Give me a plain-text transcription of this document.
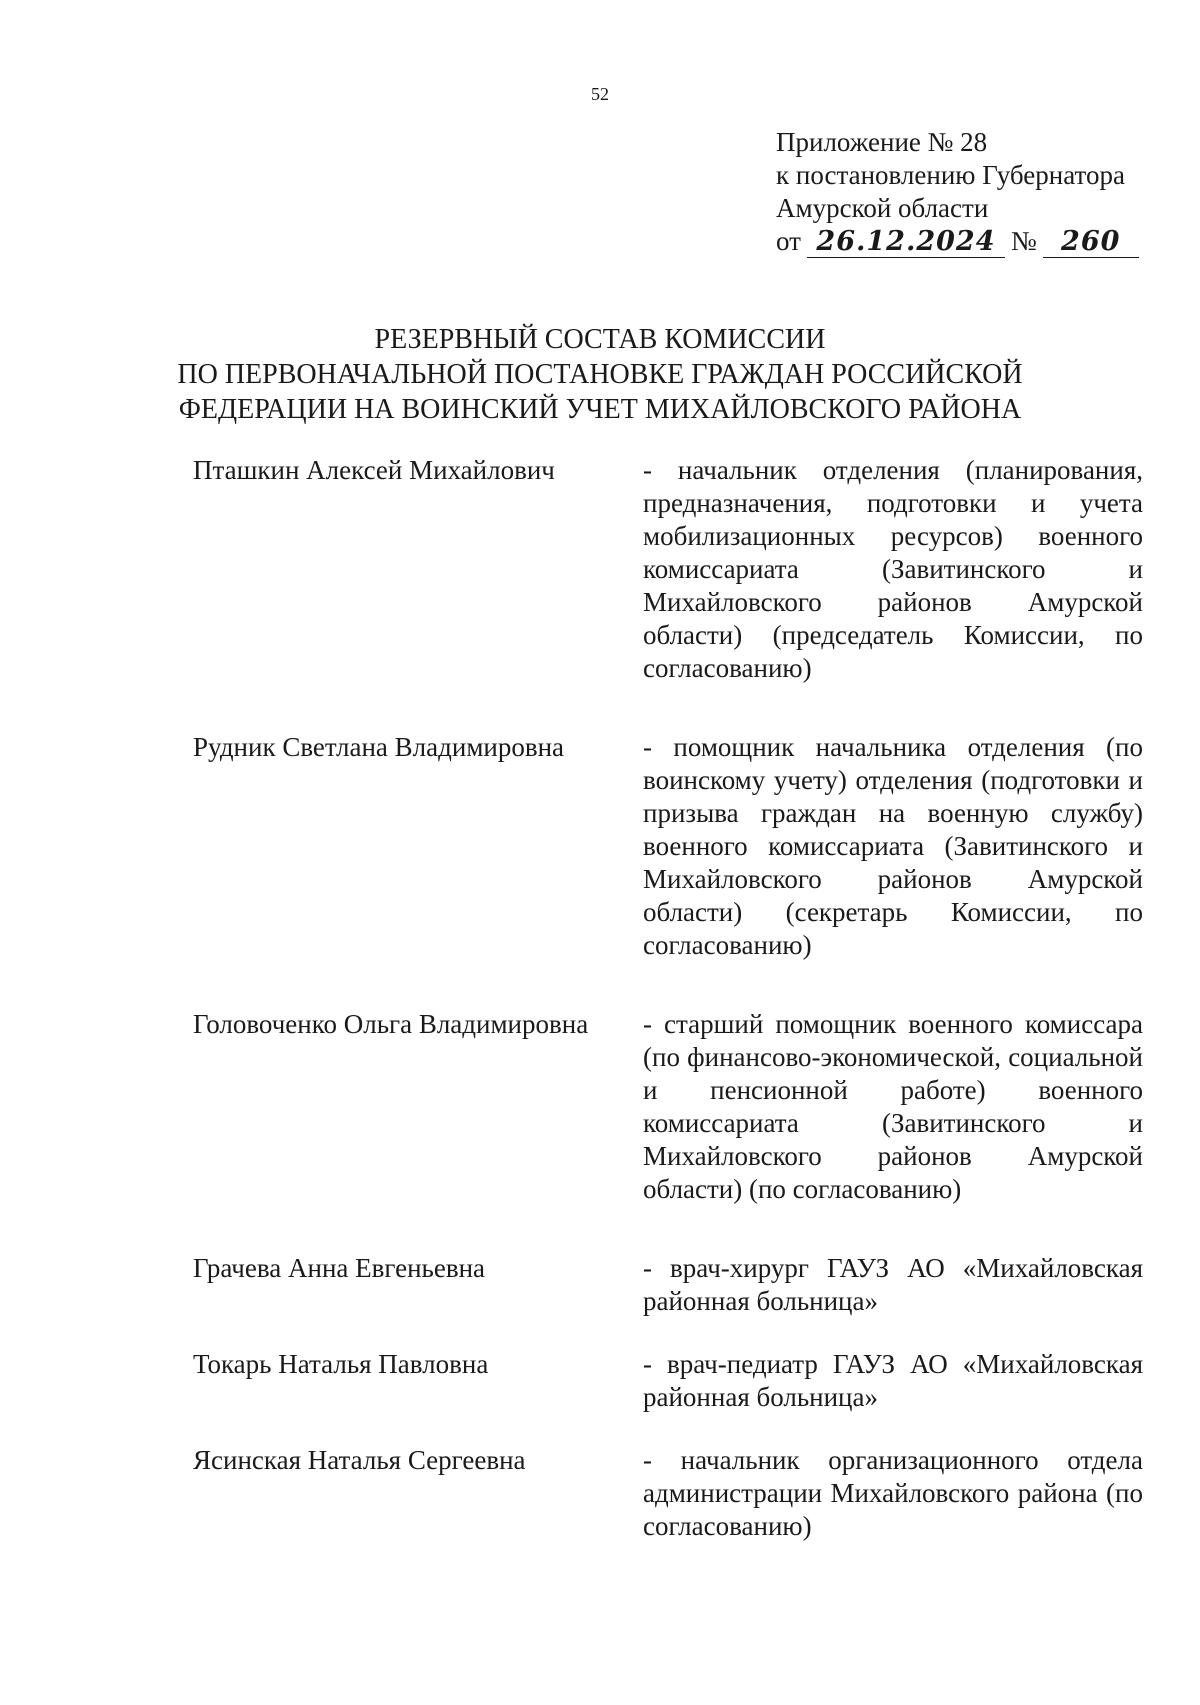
52
Приложение № 28
к постановлению Губернатора
Амурской области
от 26.12.2024 № 260
РЕЗЕРВНЫЙ СОСТАВ КОМИССИИ
ПО ПЕРВОНАЧАЛЬНОЙ ПОСТАНОВКЕ ГРАЖДАН РОССИЙСКОЙ
ФЕДЕРАЦИИ НА ВОИНСКИЙ УЧЕТ МИХАЙЛОВСКОГО РАЙОНА
Пташкин Алексей Михайлович	- начальник отделения (планирования, предназначения, подготовки и учета мобилизационных ресурсов) военного комиссариата (Завитинского и Михайловского районов Амурской области) (председатель Комиссии, по согласованию)
Рудник Светлана Владимировна	- помощник начальника отделения (по воинскому учету) отделения (подготовки и призыва граждан на военную службу) военного комиссариата (Завитинского и Михайловского районов Амурской области) (секретарь Комиссии, по согласованию)
Головоченко Ольга Владимировна	- старший помощник военного комиссара (по финансово-экономической, социальной и пенсионной работе) военного комиссариата (Завитинского и Михайловского районов Амурской области) (по согласованию)
Грачева Анна Евгеньевна	- врач-хирург ГАУЗ АО «Михайловская районная больница»
Токарь Наталья Павловна	- врач-педиатр ГАУЗ АО «Михайловская районная больница»
Ясинская Наталья Сергеевна	- начальник организационного отдела администрации Михайловского района (по согласованию)
